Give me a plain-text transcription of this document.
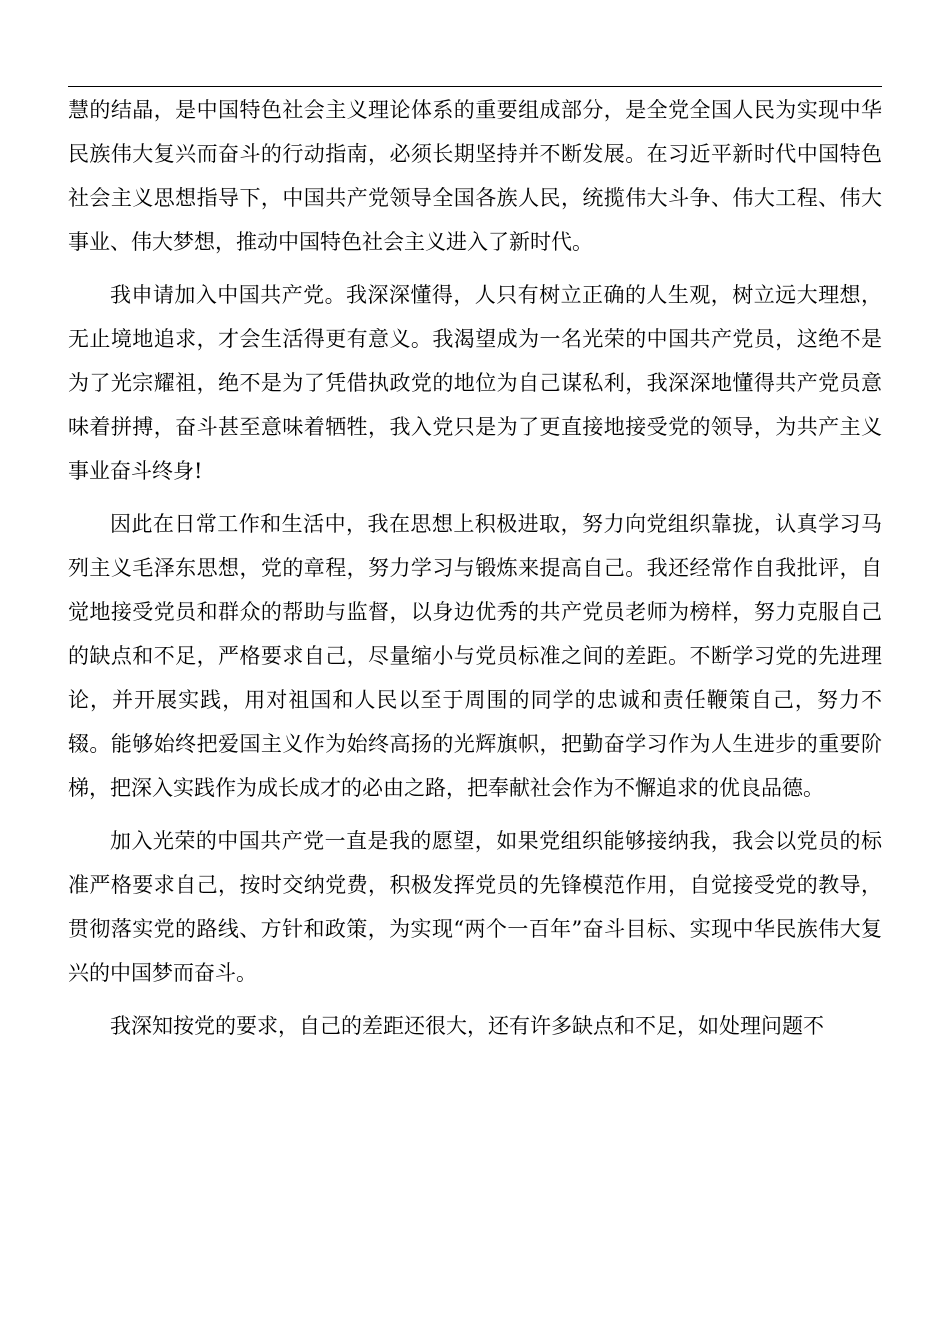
慧的结晶，是中国特色社会主义理论体系的重要组成部分，是全党全国人民为实现中华民族伟大复兴而奋斗的行动指南，必须长期坚持并不断发展。在习近平新时代中国特色社会主义思想指导下，中国共产党领导全国各族人民，统揽伟大斗争、伟大工程、伟大事业、伟大梦想，推动中国特色社会主义进入了新时代。

我申请加入中国共产党。我深深懂得，人只有树立正确的人生观，树立远大理想，无止境地追求，才会生活得更有意义。我渴望成为一名光荣的中国共产党员，这绝不是为了光宗耀祖，绝不是为了凭借执政党的地位为自己谋私利，我深深地懂得共产党员意味着拼搏，奋斗甚至意味着牺牲，我入党只是为了更直接地接受党的领导，为共产主义事业奋斗终身!

因此在日常工作和生活中，我在思想上积极进取，努力向党组织靠拢，认真学习马列主义毛泽东思想，党的章程，努力学习与锻炼来提高自己。我还经常作自我批评，自觉地接受党员和群众的帮助与监督，以身边优秀的共产党员老师为榜样，努力克服自己的缺点和不足，严格要求自己，尽量缩小与党员标准之间的差距。不断学习党的先进理论，并开展实践，用对祖国和人民以至于周围的同学的忠诚和责任鞭策自己，努力不辍。能够始终把爱国主义作为始终高扬的光辉旗帜，把勤奋学习作为人生进步的重要阶梯，把深入实践作为成长成才的必由之路，把奉献社会作为不懈追求的优良品德。

加入光荣的中国共产党一直是我的愿望，如果党组织能够接纳我，我会以党员的标准严格要求自己，按时交纳党费，积极发挥党员的先锋模范作用，自觉接受党的教导，贯彻落实党的路线、方针和政策，为实现“两个一百年”奋斗目标、实现中华民族伟大复兴的中国梦而奋斗。

我深知按党的要求，自己的差距还很大，还有许多缺点和不足，如处理问题不
